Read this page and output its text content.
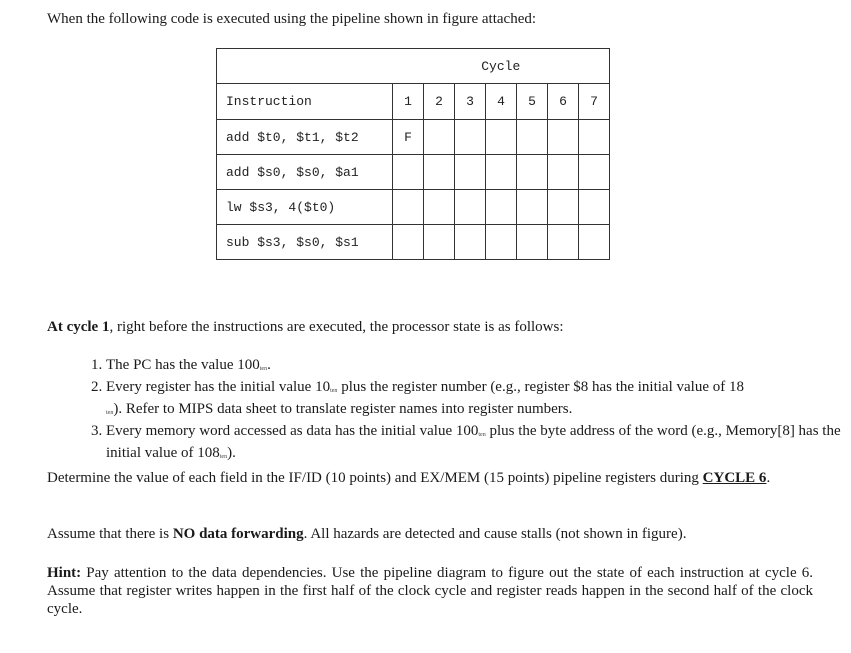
When the following code is executed using the pipeline shown in figure attached:
	Cycle						
Instruction	1	2	3	4	5	6	7
add $t0, $t1, $t2	F						
add $s0, $s0, $a1							
lw $s3, 4($t0)							
sub $s3, $s0, $s1							
At cycle 1, right before the instructions are executed, the processor state is as follows:
1. The PC has the value 100ten.
2. Every register has the initial value 10ten plus the register number (e.g., register $8 has the initial value of 18
ten). Refer to MIPS data sheet to translate register names into register numbers.
3. Every memory word accessed as data has the initial value 100ten plus the byte address of the word (e.g., Memory[8] has the initial value of 108ten).
Determine the value of each field in the IF/ID (10 points) and EX/MEM (15 points) pipeline registers during CYCLE 6.
Assume that there is NO data forwarding. All hazards are detected and cause stalls (not shown in figure).
Hint: Pay attention to the data dependencies. Use the pipeline diagram to figure out the state of each instruction at cycle 6. Assume that register writes happen in the first half of the clock cycle and register reads happen in the second half of the clock cycle.
